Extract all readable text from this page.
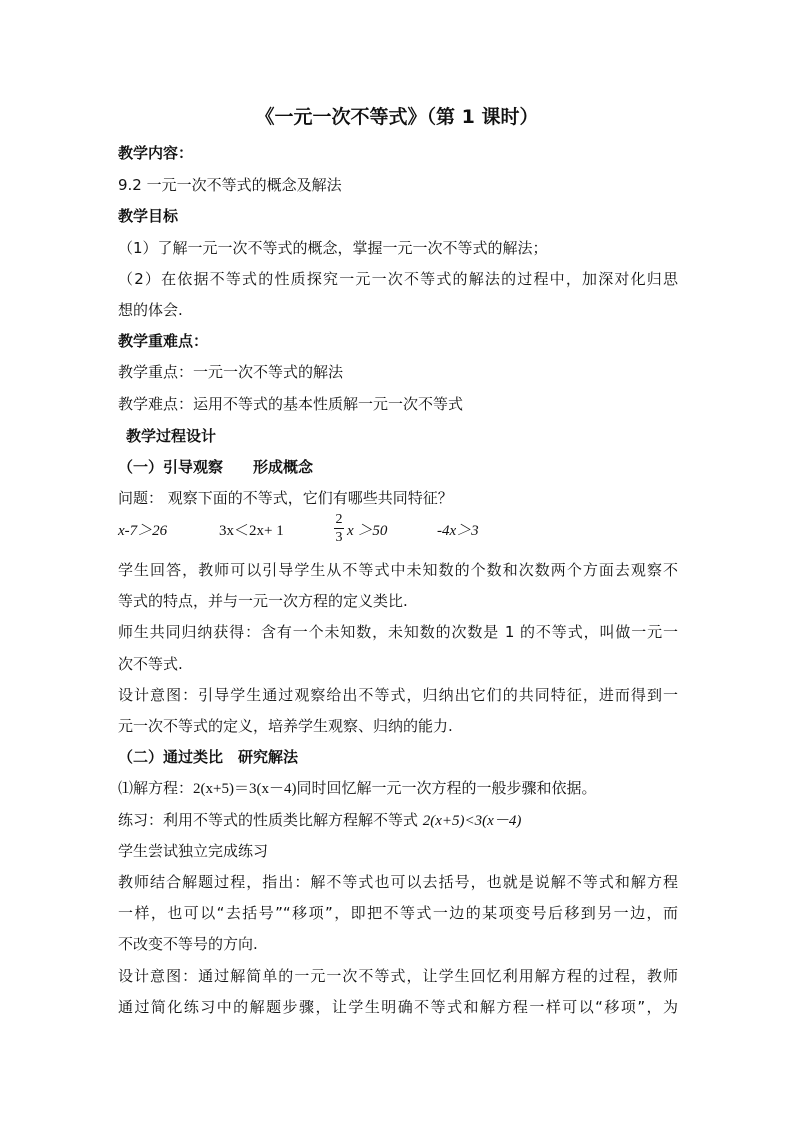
《一元一次不等式》（第 1 课时）
教学内容：
9.2 一元一次不等式的概念及解法
教学目标
（1）了解一元一次不等式的概念，掌握一元一次不等式的解法；
（2）在依据不等式的性质探究一元一次不等式的解法的过程中，加深对化归思
想的体会.
教学重难点：
教学重点：一元一次不等式的解法
教学难点：运用不等式的基本性质解一元一次不等式
教学过程设计
（一）引导观察　　形成概念
问题： 观察下面的不等式，它们有哪些共同特征？
x-7＞26	3x＜2x+ 1
2
3 x ＞50	-4x＞3
学生回答，教师可以引导学生从不等式中未知数的个数和次数两个方面去观察不
等式的特点，并与一元一次方程的定义类比.
师生共同归纳获得：含有一个未知数，未知数的次数是 1 的不等式，叫做一元一
次不等式.
设计意图：引导学生通过观察给出不等式，归纳出它们的共同特征，进而得到一
元一次不等式的定义，培养学生观察、归纳的能力.
（二）通过类比　研究解法
⑴解方程：2(x+5)＝3(x－4)同时回忆解一元一次方程的一般步骤和依据。
练习：利用不等式的性质类比解方程解不等式 2(x+5)<3(x－4)
学生尝试独立完成练习
教师结合解题过程，指出：解不等式也可以去括号，也就是说解不等式和解方程
一样，也可以“去括号”“移项”，即把不等式一边的某项变号后移到另一边，而
不改变不等号的方向.
设计意图：通过解简单的一元一次不等式，让学生回忆利用解方程的过程，教师
通过简化练习中的解题步骤，让学生明确不等式和解方程一样可以“移项”，为
